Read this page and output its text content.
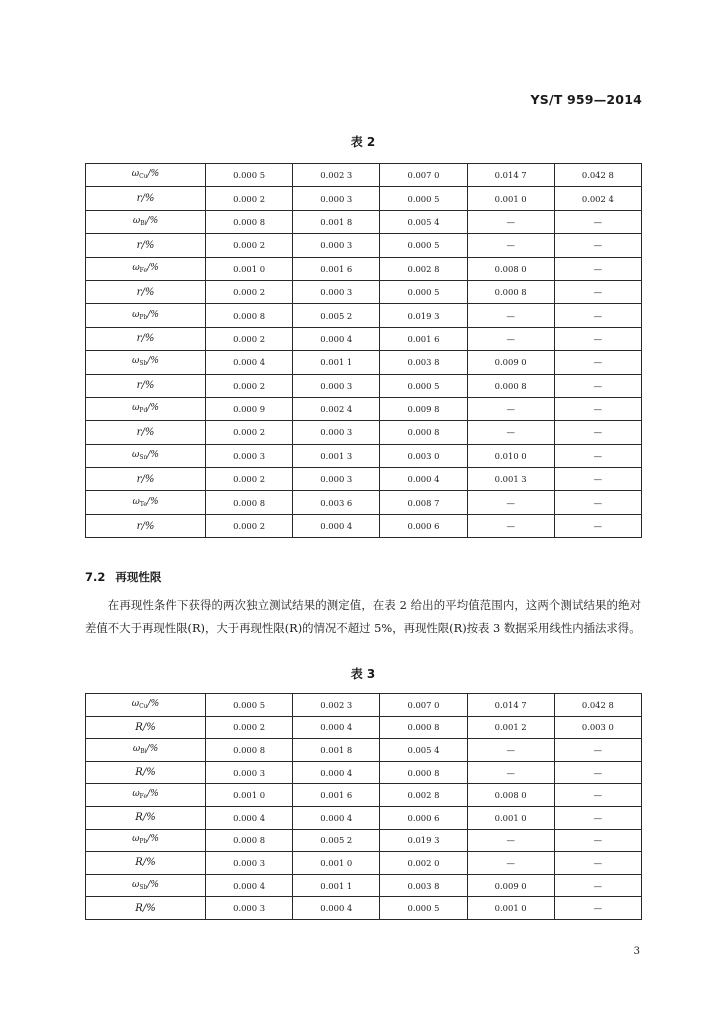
YS/T 959—2014
表 2
$\omega_{Cu}/\%$	0.000 5	0.002 3	0.007 0	0.014 7	0.042 8
r/%	0.000 2	0.000 3	0.000 5	0.001 0	0.002 4
$\omega_{Bi}/\%$	0.000 8	0.001 8	0.005 4	—	—
r/%	0.000 2	0.000 3	0.000 5	—	—
$\omega_{Fe}/\%$	0.001 0	0.001 6	0.002 8	0.008 0	—
r/%	0.000 2	0.000 3	0.000 5	0.000 8	—
$\omega_{Pb}/\%$	0.000 8	0.005 2	0.019 3	—	—
r/%	0.000 2	0.000 4	0.001 6	—	—
$\omega_{Sb}/\%$	0.000 4	0.001 1	0.003 8	0.009 0	—
r/%	0.000 2	0.000 3	0.000 5	0.000 8	—
$\omega_{Pd}/\%$	0.000 9	0.002 4	0.009 8	—	—
r/%	0.000 2	0.000 3	0.000 8	—	—
$\omega_{Sn}/\%$	0.000 3	0.001 3	0.003 0	0.010 0	—
r/%	0.000 2	0.000 3	0.000 4	0.001 3	—
$\omega_{Te}/\%$	0.000 8	0.003 6	0.008 7	—	—
r/%	0.000 2	0.000 4	0.000 6	—	—
7.2 再现性限

在再现性条件下获得的两次独立测试结果的测定值，在表 2 给出的平均值范围内，这两个测试结果的绝对差值不大于再现性限(R)，大于再现性限(R)的情况不超过 5%，再现性限(R)按表 3 数据采用线性内插法求得。

表 3
$\omega_{Cu}/\%$	0.000 5	0.002 3	0.007 0	0.014 7	0.042 8
R/%	0.000 2	0.000 4	0.000 8	0.001 2	0.003 0
$\omega_{Bi}/\%$	0.000 8	0.001 8	0.005 4	—	—
R/%	0.000 3	0.000 4	0.000 8	—	—
$\omega_{Fe}/\%$	0.001 0	0.001 6	0.002 8	0.008 0	—
R/%	0.000 4	0.000 4	0.000 6	0.001 0	—
$\omega_{Pb}/\%$	0.000 8	0.005 2	0.019 3	—	—
R/%	0.000 3	0.001 0	0.002 0	—	—
$\omega_{Sb}/\%$	0.000 4	0.001 1	0.003 8	0.009 0	—
R/%	0.000 3	0.000 4	0.000 5	0.001 0	—
3
